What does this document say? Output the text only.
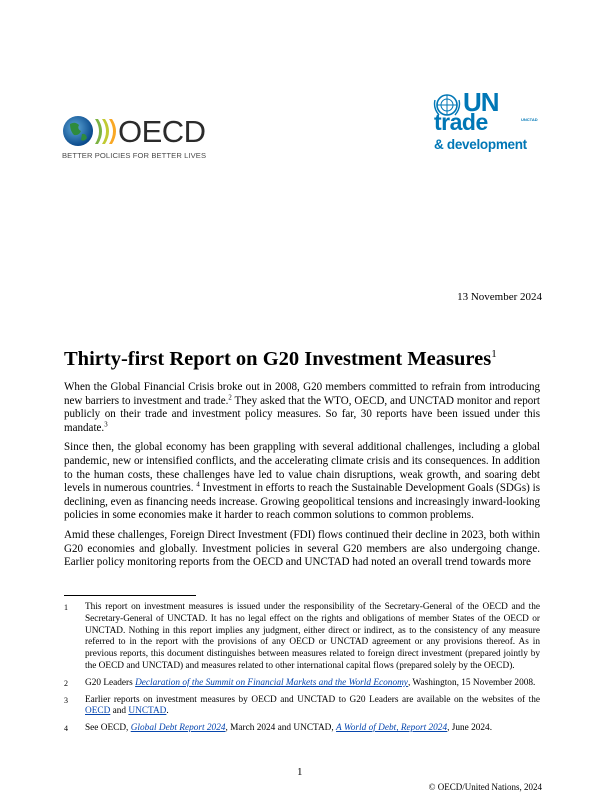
OECD
BETTER POLICIES FOR BETTER LIVES
UN
UNCTAD
trade
& development
13 November 2024
Thirty-first Report on G20 Investment Measures$^1$

When the Global Financial Crisis broke out in 2008, G20 members committed to refrain from introducing new barriers to investment and trade.$^2$ They asked that the WTO, OECD, and UNCTAD monitor and report publicly on their trade and investment policy measures. So far, 30 reports have been issued under this mandate.$^3$

Since then, the global economy has been grappling with several additional challenges, including a global pandemic, new or intensified conflicts, and the accelerating climate crisis and its consequences. In addition to the human costs, these challenges have led to value chain disruptions, weak growth, and soaring debt levels in numerous countries. $^4$ Investment in efforts to reach the Sustainable Development Goals (SDGs) is declining, even as financing needs increase. Growing geopolitical tensions and increasingly inward-looking policies in some economies make it harder to reach common solutions to common problems.

Amid these challenges, Foreign Direct Investment (FDI) flows continued their decline in 2023, both within G20 economies and globally. Investment policies in several G20 members are also undergoing change. Earlier policy monitoring reports from the OECD and UNCTAD had noted an overall trend towards more

1	This report on investment measures is issued under the responsibility of the Secretary-General of the OECD and the Secretary-General of UNCTAD. It has no legal effect on the rights and obligations of member States of the OECD or UNCTAD. Nothing in this report implies any judgment, either direct or indirect, as to the consistency of any measure referred to in the report with the provisions of any OECD or UNCTAD agreement or any provisions thereof. As in previous reports, this document distinguishes between measures related to foreign direct investment (prepared jointly by the OECD and UNCTAD) and measures related to other international capital flows (prepared solely by the OECD).
2	G20 Leaders Declaration of the Summit on Financial Markets and the World Economy, Washington, 15 November 2008.
3	Earlier reports on investment measures by OECD and UNCTAD to G20 Leaders are available on the websites of the OECD and UNCTAD.
4	See OECD, Global Debt Report 2024, March 2024 and UNCTAD, A World of Debt, Report 2024, June 2024.
1
© OECD/United Nations, 2024
